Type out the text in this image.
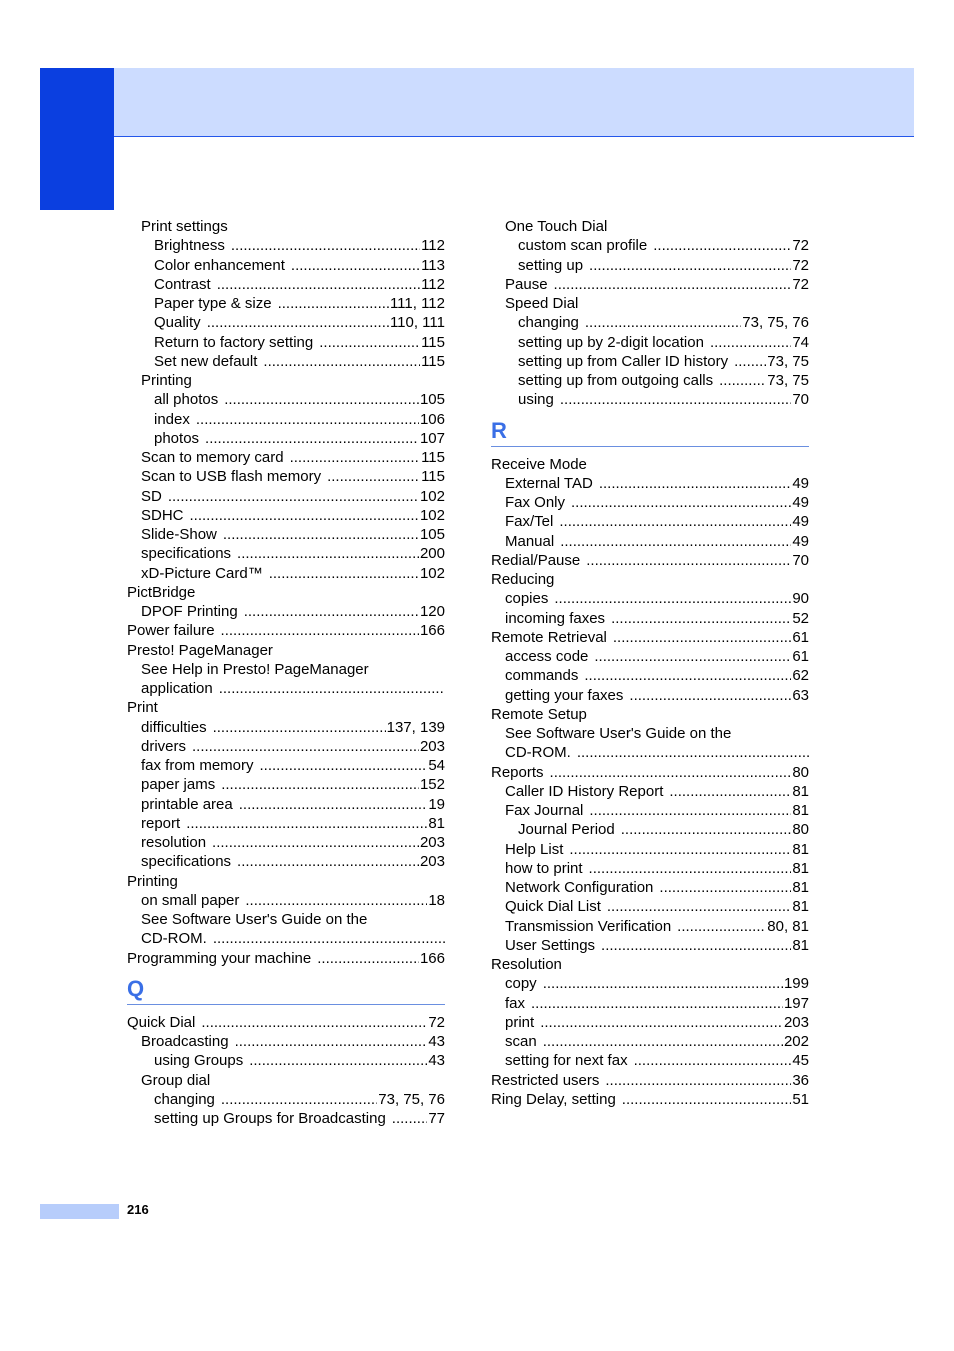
Print settings
Brightness .....	112
Color enhancement .....	113
Contrast .....	112
Paper type & size .....	111, 112
Quality .....	110, 111
Return to factory setting .....	115
Set new default .....	115
Printing
all photos .....	105
index .....	106
photos .....	107
Scan to memory card .....	115
Scan to USB flash memory .....	115
SD .....	102
SDHC .....	102
Slide-Show .....	105
specifications .....	200
xD-Picture Card™ .....	102
PictBridge
DPOF Printing .....	120
Power failure .....	166
Presto! PageManager
See Help in Presto! PageManager
application
.....
Print
difficulties .....	137, 139
drivers .....	203
fax from memory .....	54
paper jams .....	152
printable area .....	19
report .....	81
resolution .....	203
specifications .....	203
Printing
on small paper .....	18
See Software User's Guide on the
CD-ROM.
.....
Programming your machine .....	166
Q
Quick Dial .....	72
Broadcasting .....	43
using Groups .....	43
Group dial
changing .....	73, 75, 76
setting up Groups for Broadcasting .....	77
One Touch Dial
custom scan profile .....	72
setting up .....	72
Pause .....	72
Speed Dial
changing .....	73, 75, 76
setting up by 2-digit location .....	74
setting up from Caller ID history .....	73, 75
setting up from outgoing calls .....	73, 75
using .....	70
R
Receive Mode
External TAD .....	49
Fax Only .....	49
Fax/Tel .....	49
Manual .....	49
Redial/Pause .....	70
Reducing
copies .....	90
incoming faxes .....	52
Remote Retrieval .....	61
access code .....	61
commands .....	62
getting your faxes .....	63
Remote Setup
See Software User's Guide on the
CD-ROM.
.....
Reports .....	80
Caller ID History Report .....	81
Fax Journal .....	81
Journal Period .....	80
Help List .....	81
how to print .....	81
Network Configuration .....	81
Quick Dial List .....	81
Transmission Verification .....	80, 81
User Settings .....	81
Resolution
copy .....	199
fax .....	197
print .....	203
scan .....	202
setting for next fax .....	45
Restricted users .....	36
Ring Delay, setting .....	51
216
